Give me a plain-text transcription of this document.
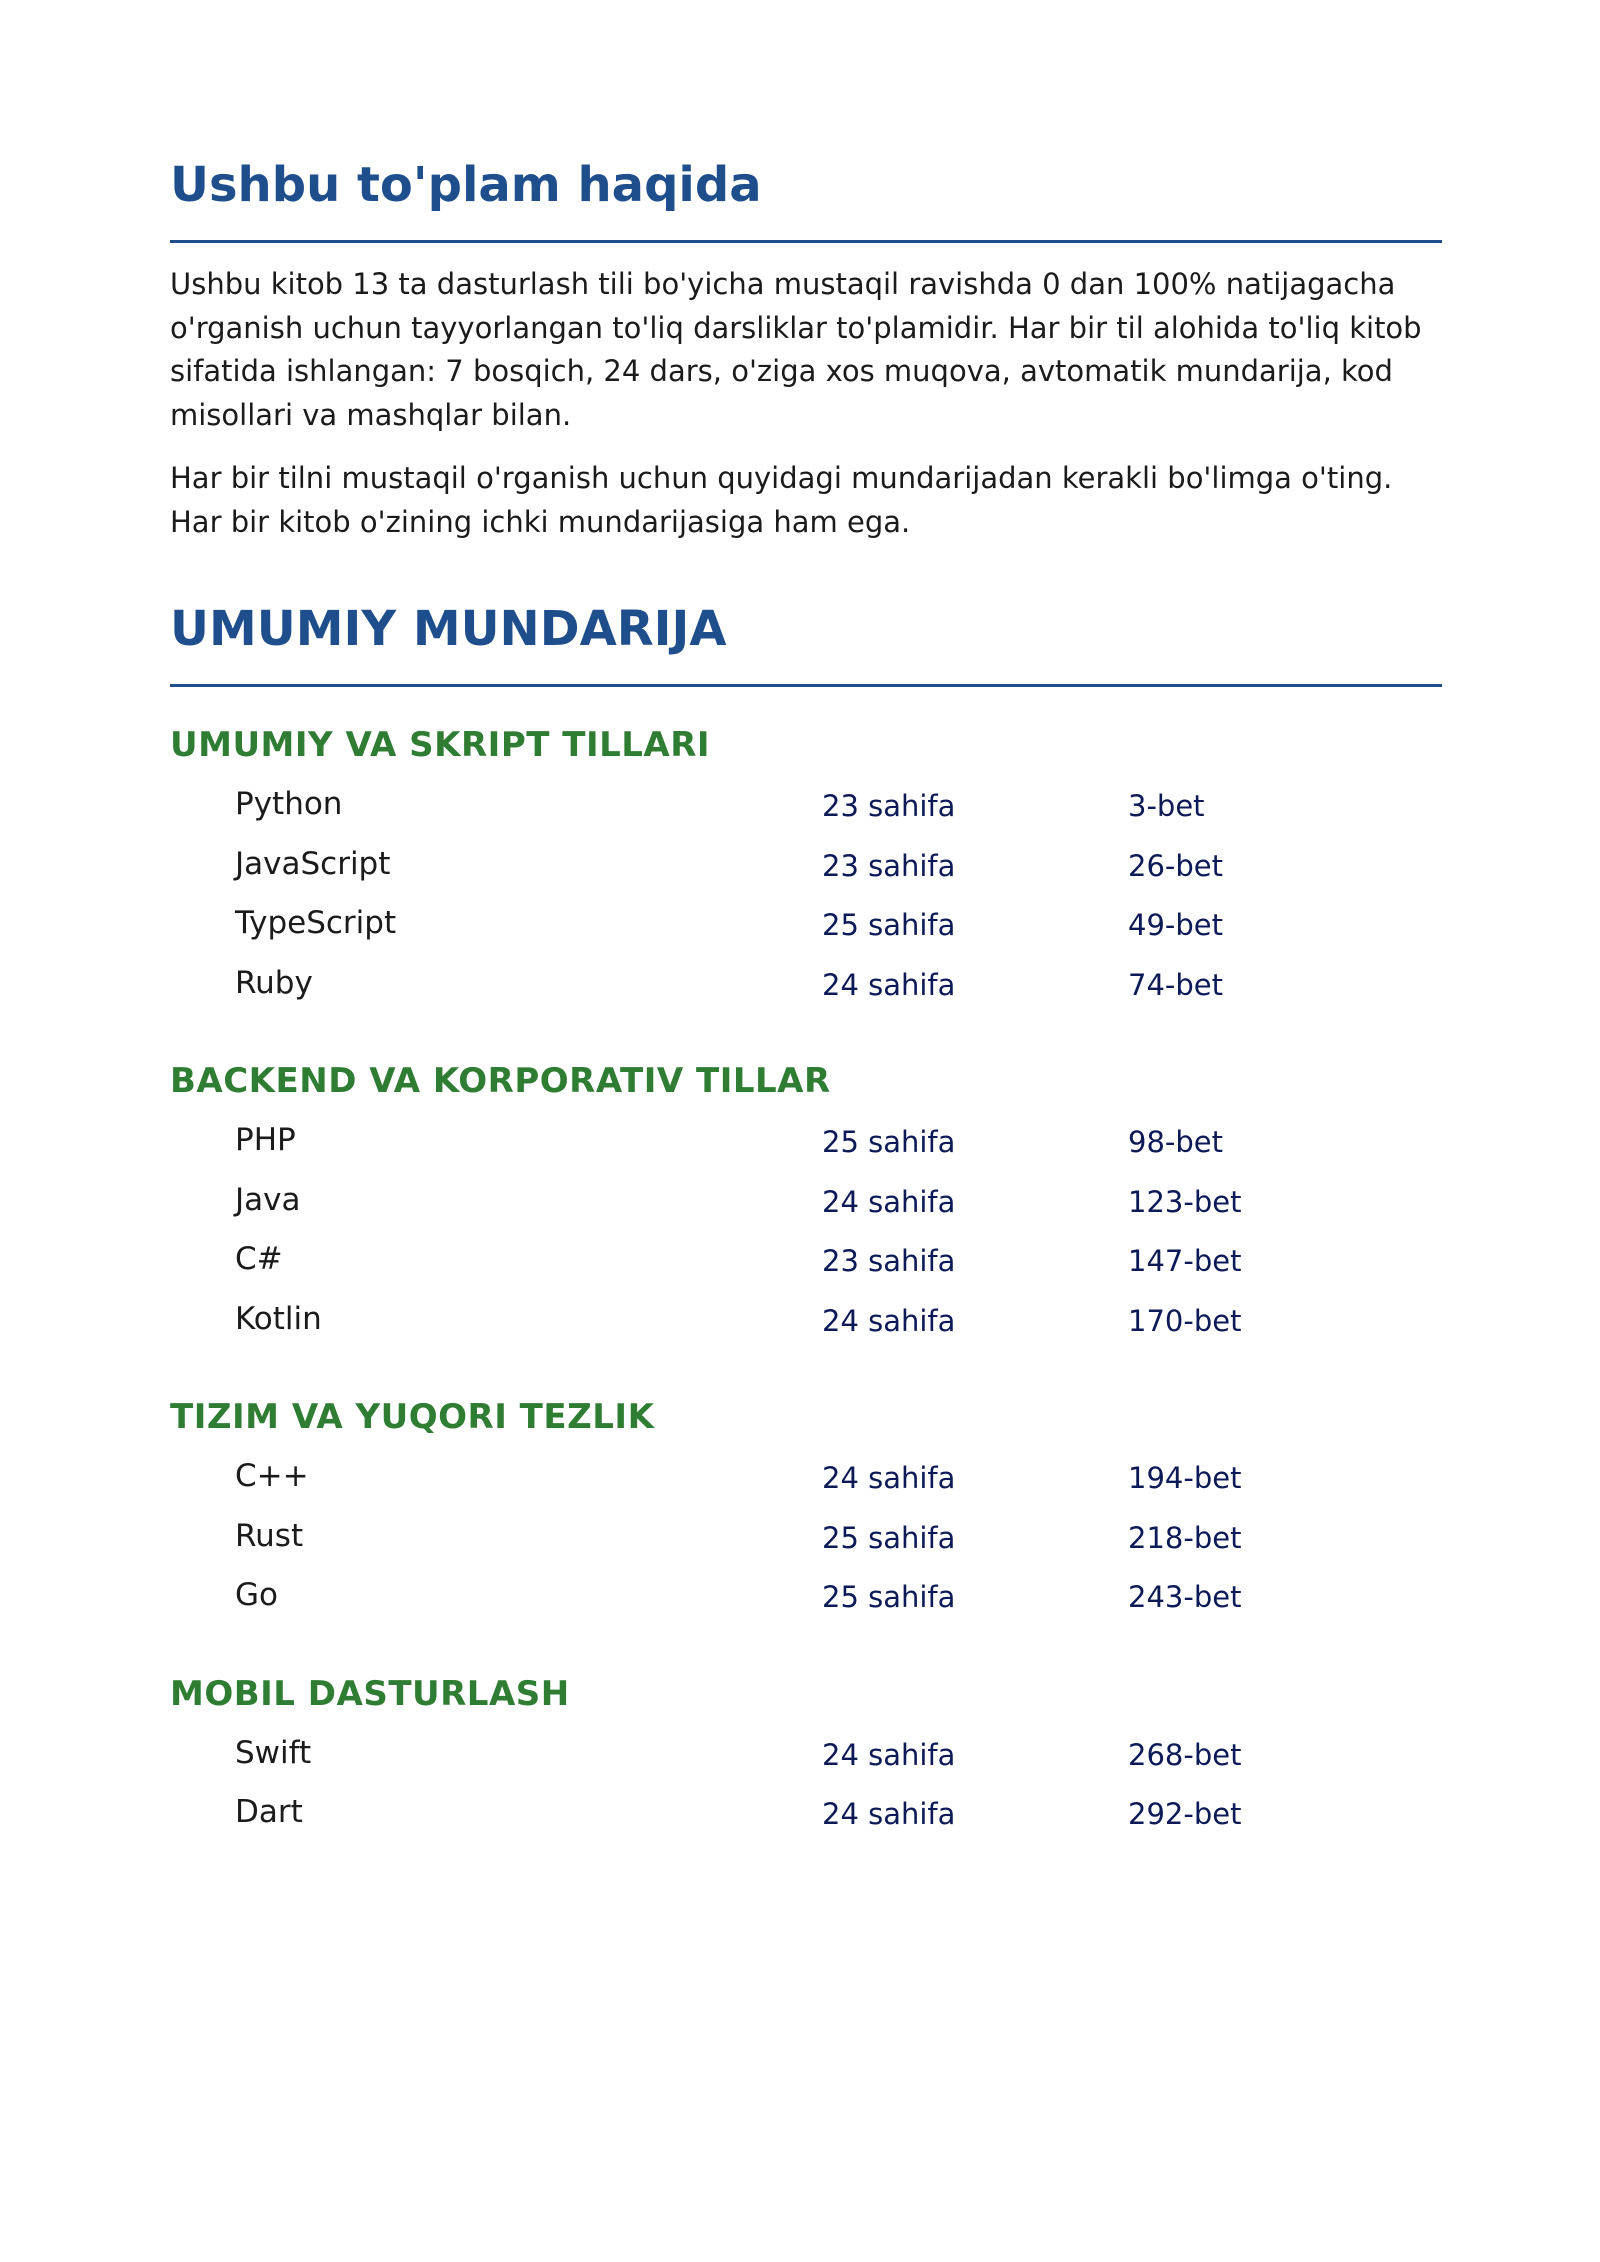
Ushbu to'plam haqida

Ushbu kitob 13 ta dasturlash tili bo'yicha mustaqil ravishda 0 dan 100% natijagacha o'rganish uchun tayyorlangan to'liq darsliklar to'plamidir. Har bir til alohida to'liq kitob sifatida ishlangan: 7 bosqich, 24 dars, o'ziga xos muqova, avtomatik mundarija, kod misollari va mashqlar bilan.

Har bir tilni mustaqil o'rganish uchun quyidagi mundarijadan kerakli bo'limga o'ting. Har bir kitob o'zining ichki mundarijasiga ham ega.

UMUMIY MUNDARIJA
UMUMIY VA SKRIPT TILLARI
Python	23 sahifa	3-bet
JavaScript	23 sahifa	26-bet
TypeScript	25 sahifa	49-bet
Ruby	24 sahifa	74-bet
BACKEND VA KORPORATIV TILLAR
PHP	25 sahifa	98-bet
Java	24 sahifa	123-bet
C#	23 sahifa	147-bet
Kotlin	24 sahifa	170-bet
TIZIM VA YUQORI TEZLIK
C++	24 sahifa	194-bet
Rust	25 sahifa	218-bet
Go	25 sahifa	243-bet
MOBIL DASTURLASH
Swift	24 sahifa	268-bet
Dart	24 sahifa	292-bet
